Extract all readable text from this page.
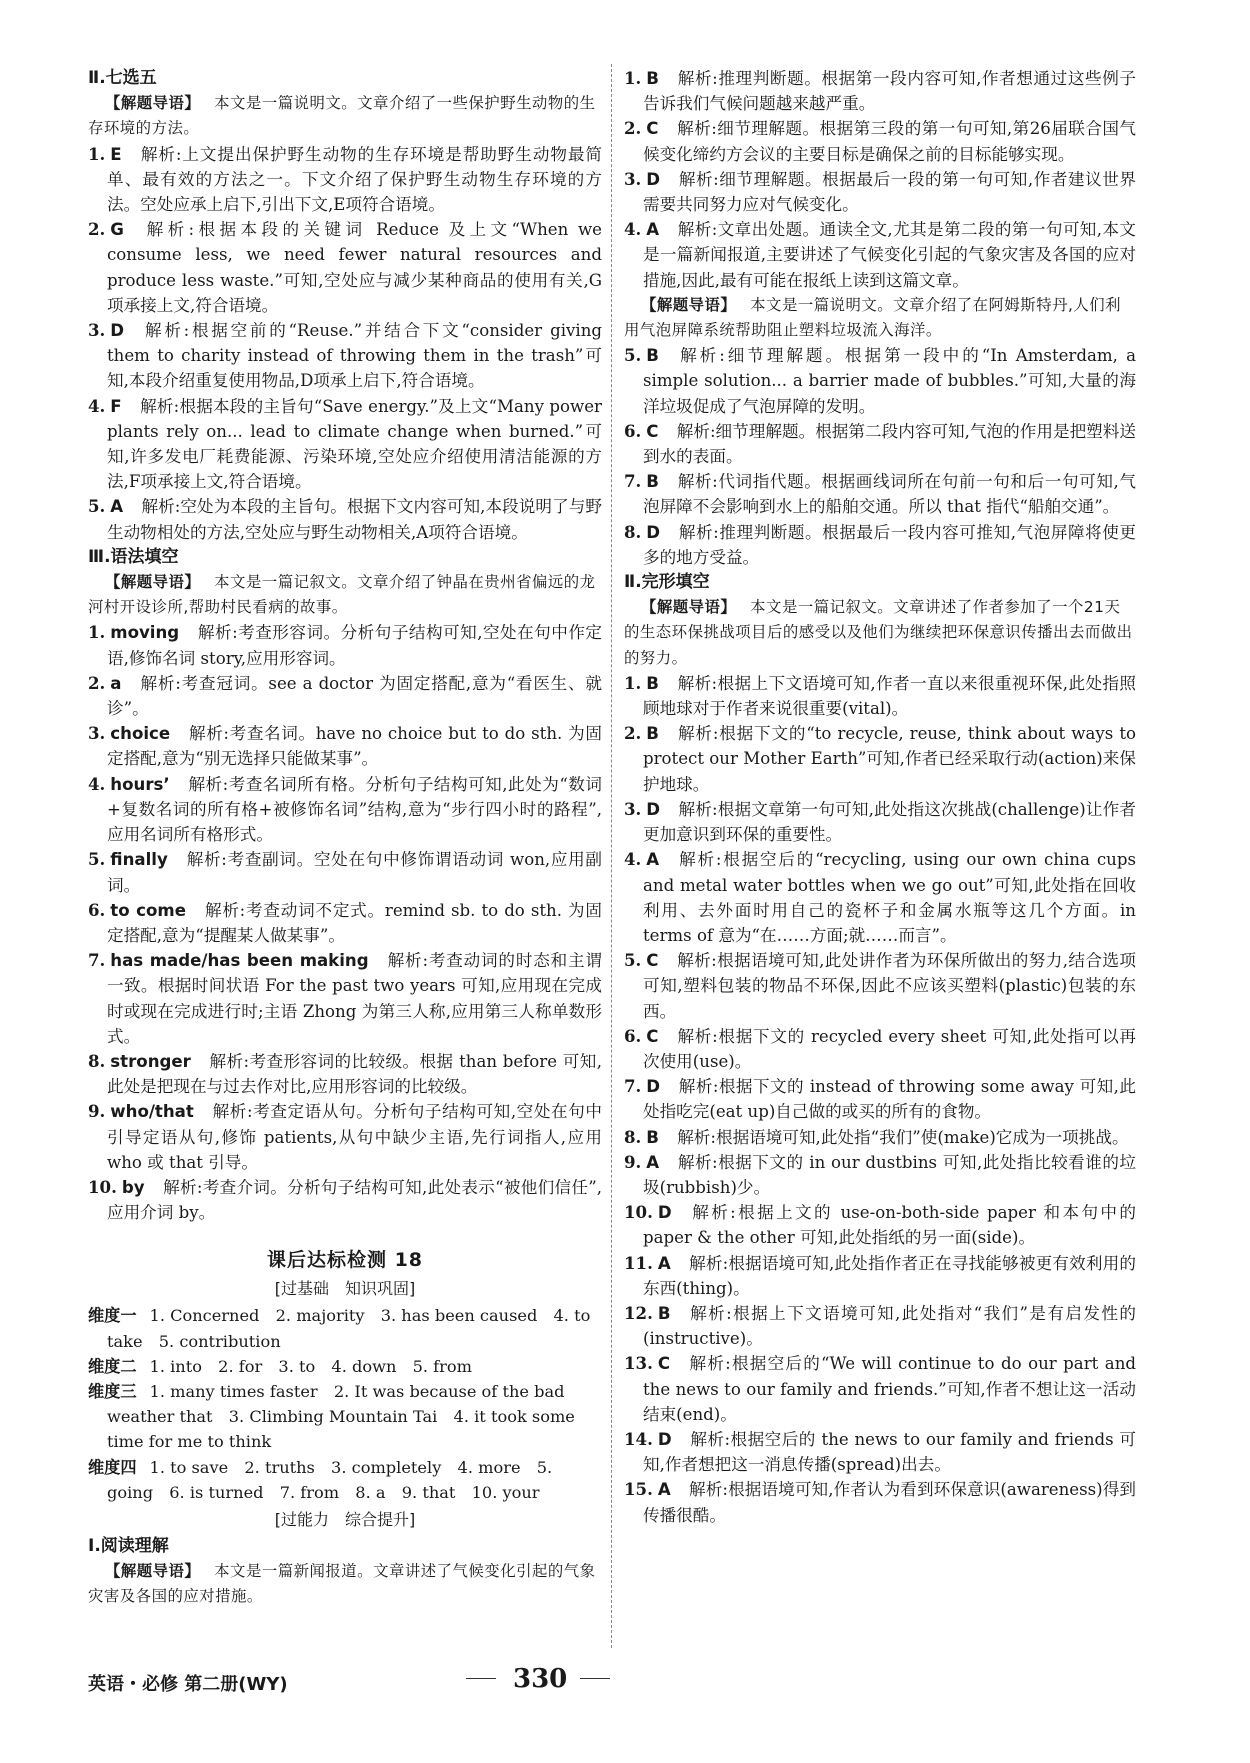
Ⅱ.七选五

【解题导语】 本文是一篇说明文。文章介绍了一些保护野生动物的生存环境的方法。

1. E 解析:上文提出保护野生动物的生存环境是帮助野生动物最简单、最有效的方法之一。下文介绍了保护野生动物生存环境的方法。空处应承上启下,引出下文,E项符合语境。

2. G 解析:根据本段的关键词 Reduce 及上文“When we consume less, we need fewer natural resources and produce less waste.”可知,空处应与减少某种商品的使用有关,G项承接上文,符合语境。

3. D 解析:根据空前的“Reuse.”并结合下文“consider giving them to charity instead of throwing them in the trash”可知,本段介绍重复使用物品,D项承上启下,符合语境。

4. F 解析:根据本段的主旨句“Save energy.”及上文“Many power plants rely on... lead to climate change when burned.”可知,许多发电厂耗费能源、污染环境,空处应介绍使用清洁能源的方法,F项承接上文,符合语境。

5. A 解析:空处为本段的主旨句。根据下文内容可知,本段说明了与野生动物相处的方法,空处应与野生动物相关,A项符合语境。

Ⅲ.语法填空

【解题导语】 本文是一篇记叙文。文章介绍了钟晶在贵州省偏远的龙河村开设诊所,帮助村民看病的故事。

1. moving 解析:考查形容词。分析句子结构可知,空处在句中作定语,修饰名词 story,应用形容词。

2. a 解析:考查冠词。see a doctor 为固定搭配,意为“看医生、就诊”。

3. choice 解析:考查名词。have no choice but to do sth. 为固定搭配,意为“别无选择只能做某事”。

4. hours’ 解析:考查名词所有格。分析句子结构可知,此处为“数词+复数名词的所有格+被修饰名词”结构,意为“步行四小时的路程”,应用名词所有格形式。

5. finally 解析:考查副词。空处在句中修饰谓语动词 won,应用副词。

6. to come 解析:考查动词不定式。remind sb. to do sth. 为固定搭配,意为“提醒某人做某事”。

7. has made/has been making 解析:考查动词的时态和主谓一致。根据时间状语 For the past two years 可知,应用现在完成时或现在完成进行时;主语 Zhong 为第三人称,应用第三人称单数形式。

8. stronger 解析:考查形容词的比较级。根据 than before 可知,此处是把现在与过去作对比,应用形容词的比较级。

9. who/that 解析:考查定语从句。分析句子结构可知,空处在句中引导定语从句,修饰 patients,从句中缺少主语,先行词指人,应用 who 或 that 引导。

10. by 解析:考查介词。分析句子结构可知,此处表示“被他们信任”,应用介词 by。

课后达标检测 18

[过基础　知识巩固]

维度一 1. Concerned　2. majority　3. has been caused　4. to take　5. contribution

维度二 1. into　2. for　3. to　4. down　5. from

维度三 1. many times faster　2. It was because of the bad weather that　3. Climbing Mountain Tai　4. it took some time for me to think

维度四 1. to save　2. truths　3. completely　4. more　5. going　6. is turned　7. from　8. a　9. that　10. your

[过能力　综合提升]

Ⅰ.阅读理解

【解题导语】 本文是一篇新闻报道。文章讲述了气候变化引起的气象灾害及各国的应对措施。

1. B 解析:推理判断题。根据第一段内容可知,作者想通过这些例子告诉我们气候问题越来越严重。

2. C 解析:细节理解题。根据第三段的第一句可知,第26届联合国气候变化缔约方会议的主要目标是确保之前的目标能够实现。

3. D 解析:细节理解题。根据最后一段的第一句可知,作者建议世界需要共同努力应对气候变化。

4. A 解析:文章出处题。通读全文,尤其是第二段的第一句可知,本文是一篇新闻报道,主要讲述了气候变化引起的气象灾害及各国的应对措施,因此,最有可能在报纸上读到这篇文章。

【解题导语】 本文是一篇说明文。文章介绍了在阿姆斯特丹,人们利用气泡屏障系统帮助阻止塑料垃圾流入海洋。

5. B 解析:细节理解题。根据第一段中的“In Amsterdam, a simple solution... a barrier made of bubbles.”可知,大量的海洋垃圾促成了气泡屏障的发明。

6. C 解析:细节理解题。根据第二段内容可知,气泡的作用是把塑料送到水的表面。

7. B 解析:代词指代题。根据画线词所在句前一句和后一句可知,气泡屏障不会影响到水上的船舶交通。所以 that 指代“船舶交通”。

8. D 解析:推理判断题。根据最后一段内容可推知,气泡屏障将使更多的地方受益。

Ⅱ.完形填空

【解题导语】 本文是一篇记叙文。文章讲述了作者参加了一个21天的生态环保挑战项目后的感受以及他们为继续把环保意识传播出去而做出的努力。

1. B 解析:根据上下文语境可知,作者一直以来很重视环保,此处指照顾地球对于作者来说很重要(vital)。

2. B 解析:根据下文的“to recycle, reuse, think about ways to protect our Mother Earth”可知,作者已经采取行动(action)来保护地球。

3. D 解析:根据文章第一句可知,此处指这次挑战(challenge)让作者更加意识到环保的重要性。

4. A 解析:根据空后的“recycling, using our own china cups and metal water bottles when we go out”可知,此处指在回收利用、去外面时用自己的瓷杯子和金属水瓶等这几个方面。in terms of 意为“在……方面;就……而言”。

5. C 解析:根据语境可知,此处讲作者为环保所做出的努力,结合选项可知,塑料包装的物品不环保,因此不应该买塑料(plastic)包装的东西。

6. C 解析:根据下文的 recycled every sheet 可知,此处指可以再次使用(use)。

7. D 解析:根据下文的 instead of throwing some away 可知,此处指吃完(eat up)自己做的或买的所有的食物。

8. B 解析:根据语境可知,此处指“我们”使(make)它成为一项挑战。

9. A 解析:根据下文的 in our dustbins 可知,此处指比较看谁的垃圾(rubbish)少。

10. D 解析:根据上文的 use-on-both-side paper 和本句中的 paper & the other 可知,此处指纸的另一面(side)。

11. A 解析:根据语境可知,此处指作者正在寻找能够被更有效利用的东西(thing)。

12. B 解析:根据上下文语境可知,此处指对“我们”是有启发性的(instructive)。

13. C 解析:根据空后的“We will continue to do our part and the news to our family and friends.”可知,作者不想让这一活动结束(end)。

14. D 解析:根据空后的 the news to our family and friends 可知,作者想把这一消息传播(spread)出去。

15. A 解析:根据语境可知,作者认为看到环保意识(awareness)得到传播很酷。

英语・必修 第二册(WY)	330
